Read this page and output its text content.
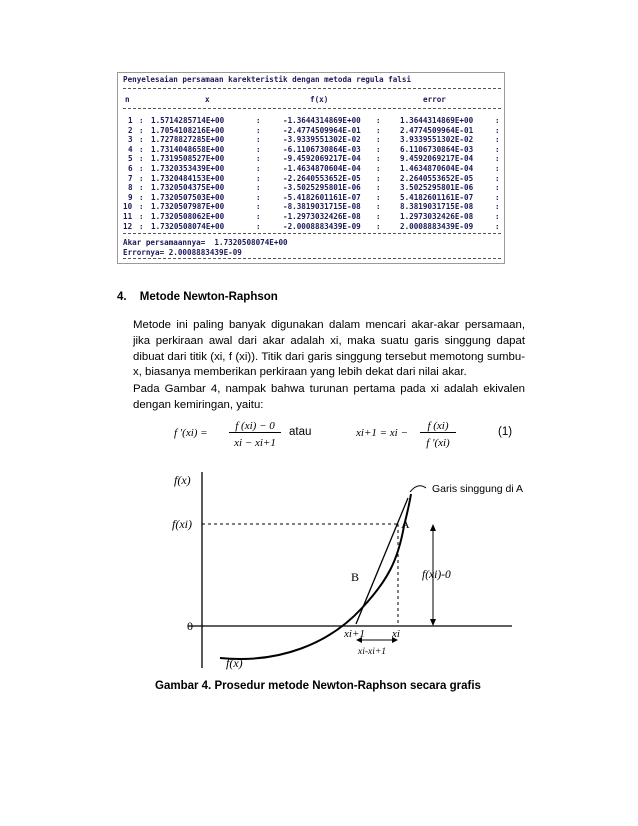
Penyelesaian persamaan karekteristik dengan metoda regula falsi
n	x	f(x)	error
1 : 1.5714285714E+00	-1.3644314869E+00	1.3644314869E+00
:	:	:
2 : 1.7054108216E+00	-2.4774509964E-01	2.4774509964E-01
:	:	:
3 : 1.7278827285E+00	-3.9339551302E-02	3.9339551302E-02
:	:	:
4 : 1.7314048658E+00	-6.1106730864E-03	6.1106730864E-03
:	:	:
5 : 1.7319508527E+00	-9.4592069217E-04	9.4592069217E-04
:	:	:
6 : 1.7320353439E+00	-1.4634870604E-04	1.4634870604E-04
:	:	:
7 : 1.7320484153E+00	-2.2640553652E-05	2.2640553652E-05
:	:	:
8 : 1.7320504375E+00	-3.5025295801E-06	3.5025295801E-06
:	:	:
9 : 1.7320507503E+00	-5.4182601161E-07	5.4182601161E-07
:	:	:
10 : 1.7320507987E+00	-8.3819031715E-08	8.3819031715E-08
:	:	:
11 : 1.7320508062E+00	-1.2973032426E-08	1.2973032426E-08
:	:	:
12 : 1.7320508074E+00	-2.0008883439E-09	2.0008883439E-09
:	:	:
Akar persamaannya=  1.7320508074E+00
Errornya= 2.0008883439E-09
4. Metode Newton-Raphson
Metode ini paling banyak digunakan dalam mencari akar-akar persamaan, jika perkiraan awal dari akar adalah xi, maka suatu garis singgung dapat dibuat dari titik (xi, f (xi)). Titik dari garis singgung tersebut memotong sumbu-x, biasanya memberikan perkiraan yang lebih dekat dari nilai akar.
Pada Gambar 4, nampak bahwa turunan pertama pada xi adalah ekivalen dengan kemiringan, yaitu:
f '(xi) =
f (xi) − 0
xi − xi+1
atau	xi+1 = xi −
f (xi)
f '(xi)
(1)
f(x)
f(xi)
0
A
B
Garis singgung di A
f(xi)-0
xi+1 xi
xi-xi+1
f(x)
Gambar 4. Prosedur metode Newton-Raphson secara grafis
